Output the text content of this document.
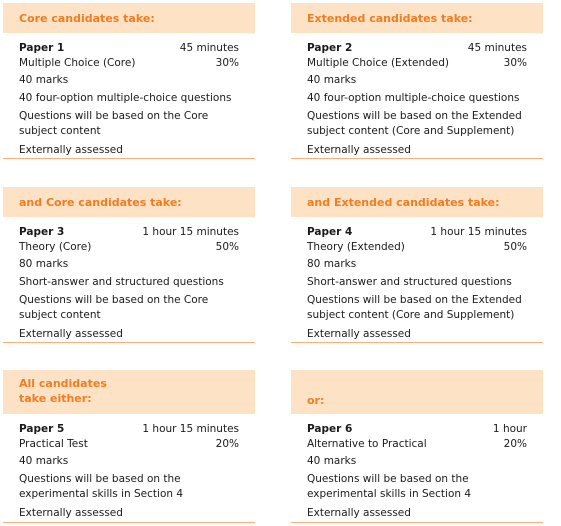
Core candidates take:
Paper 1	45 minutes
Multiple Choice (Core)	30%
40 marks
40 four-option multiple-choice questions
Questions will be based on the Core subject content
Externally assessed
Extended candidates take:
Paper 2	45 minutes
Multiple Choice (Extended)	30%
40 marks
40 four-option multiple-choice questions
Questions will be based on the Extended subject content (Core and Supplement)
Externally assessed
and Core candidates take:
Paper 3	1 hour 15 minutes
Theory (Core)	50%
80 marks
Short-answer and structured questions
Questions will be based on the Core subject content
Externally assessed
and Extended candidates take:
Paper 4	1 hour 15 minutes
Theory (Extended)	50%
80 marks
Short-answer and structured questions
Questions will be based on the Extended subject content (Core and Supplement)
Externally assessed
All candidates take either:
Paper 5	1 hour 15 minutes
Practical Test	20%
40 marks
Questions will be based on the experimental skills in Section 4
Externally assessed
or:
Paper 6	1 hour
Alternative to Practical	20%
40 marks
Questions will be based on the experimental skills in Section 4
Externally assessed
